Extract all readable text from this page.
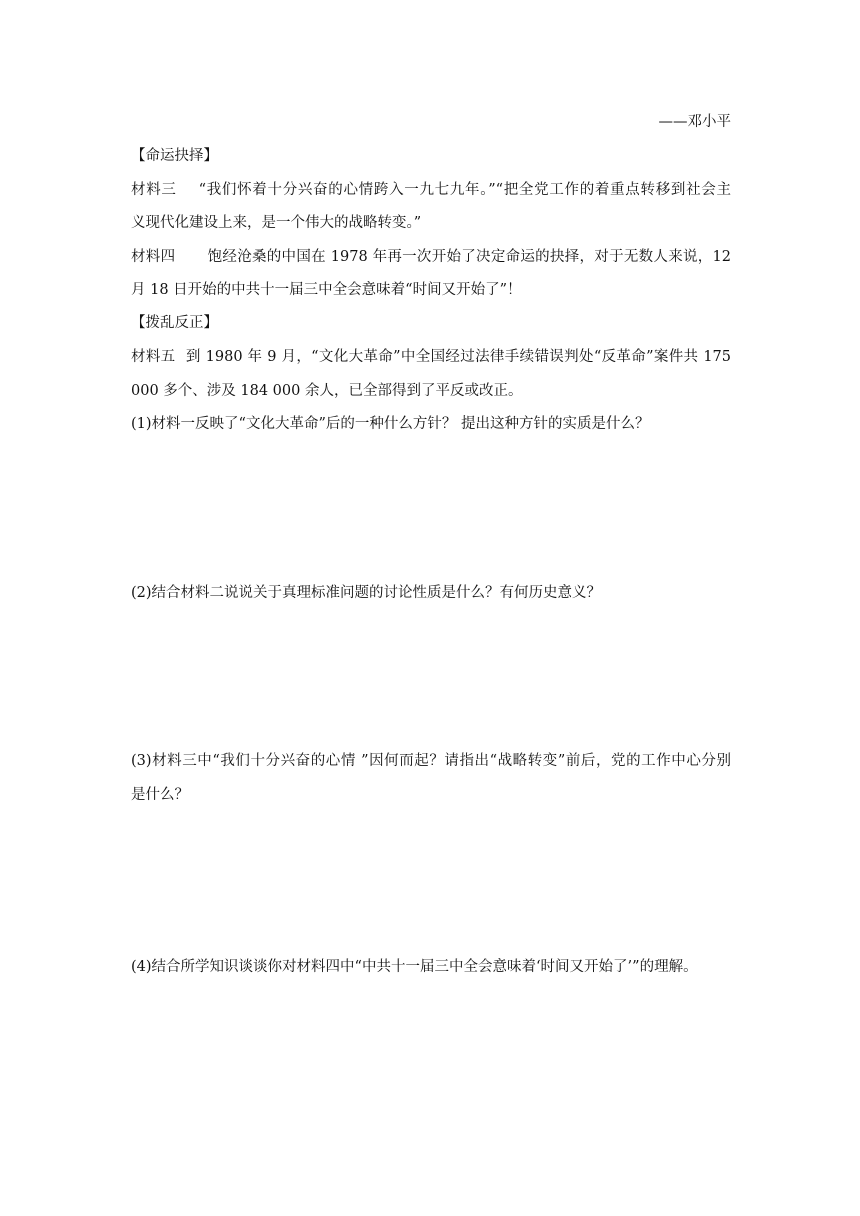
——邓小平
【命运抉择】
材料三 “我们怀着十分兴奋的心情跨入一九七九年。”“把全党工作的着重点转移到社会主
义现代化建设上来，是一个伟大的战略转变。”
材料四 饱经沧桑的中国在 1978 年再一次开始了决定命运的抉择，对于无数人来说，12
月 18 日开始的中共十一届三中全会意味着“时间又开始了”！
【拨乱反正】
材料五 到 1980 年 9 月，“文化大革命”中全国经过法律手续错误判处“反革命”案件共 175
000 多个、涉及 184 000 余人，已全部得到了平反或改正。
(1)材料一反映了“文化大革命”后的一种什么方针？ 提出这种方针的实质是什么？
(2)结合材料二说说关于真理标准问题的讨论性质是什么？有何历史意义？
(3)材料三中“我们十分兴奋的心情 ”因何而起？请指出“战略转变”前后，党的工作中心分别
是什么？
(4)结合所学知识谈谈你对材料四中“中共十一届三中全会意味着‘时间又开始了’”的理解。
